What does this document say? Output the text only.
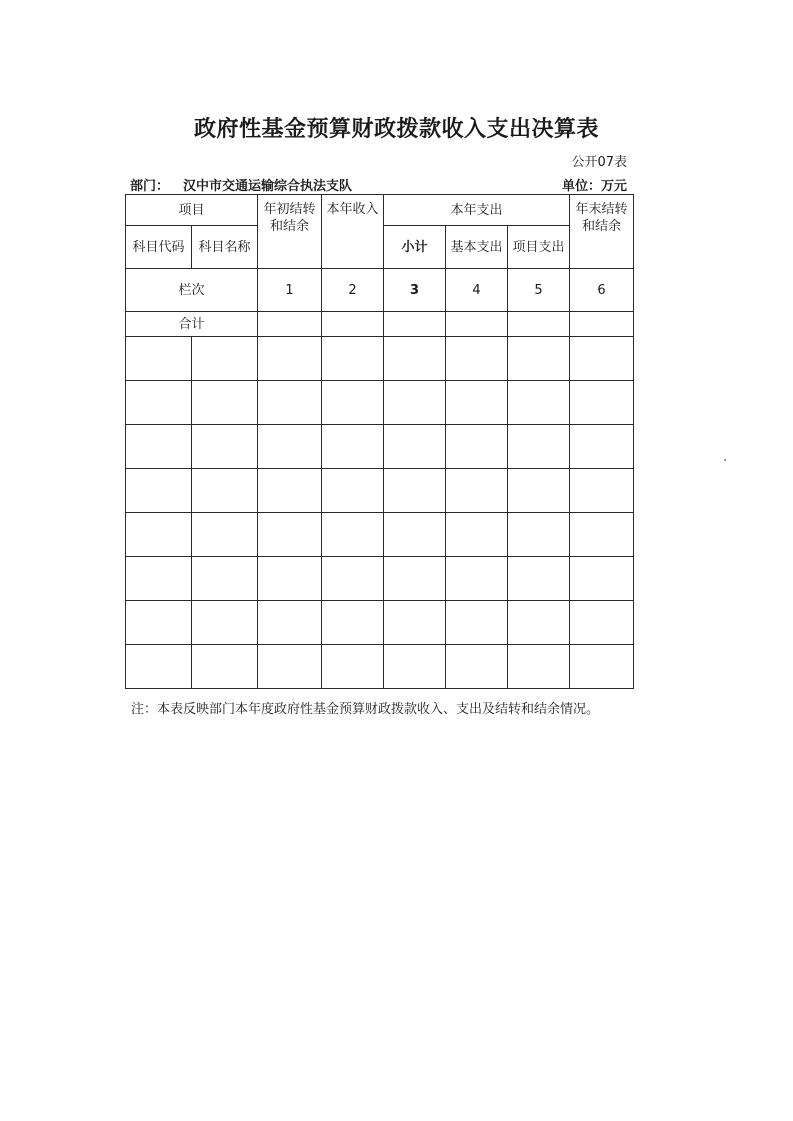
政府性基金预算财政拨款收入支出决算表
公开07表
部门： 汉中市交通运输综合执法支队	单位：万元
项目		年初结转和结余	本年收入	本年支出			年末结转和结余
科目代码	科目名称			小计	基本支出	项目支出	
栏次		1	2	3	4	5	6
合计							

注：本表反映部门本年度政府性基金预算财政拨款收入、支出及结转和结余情况。
